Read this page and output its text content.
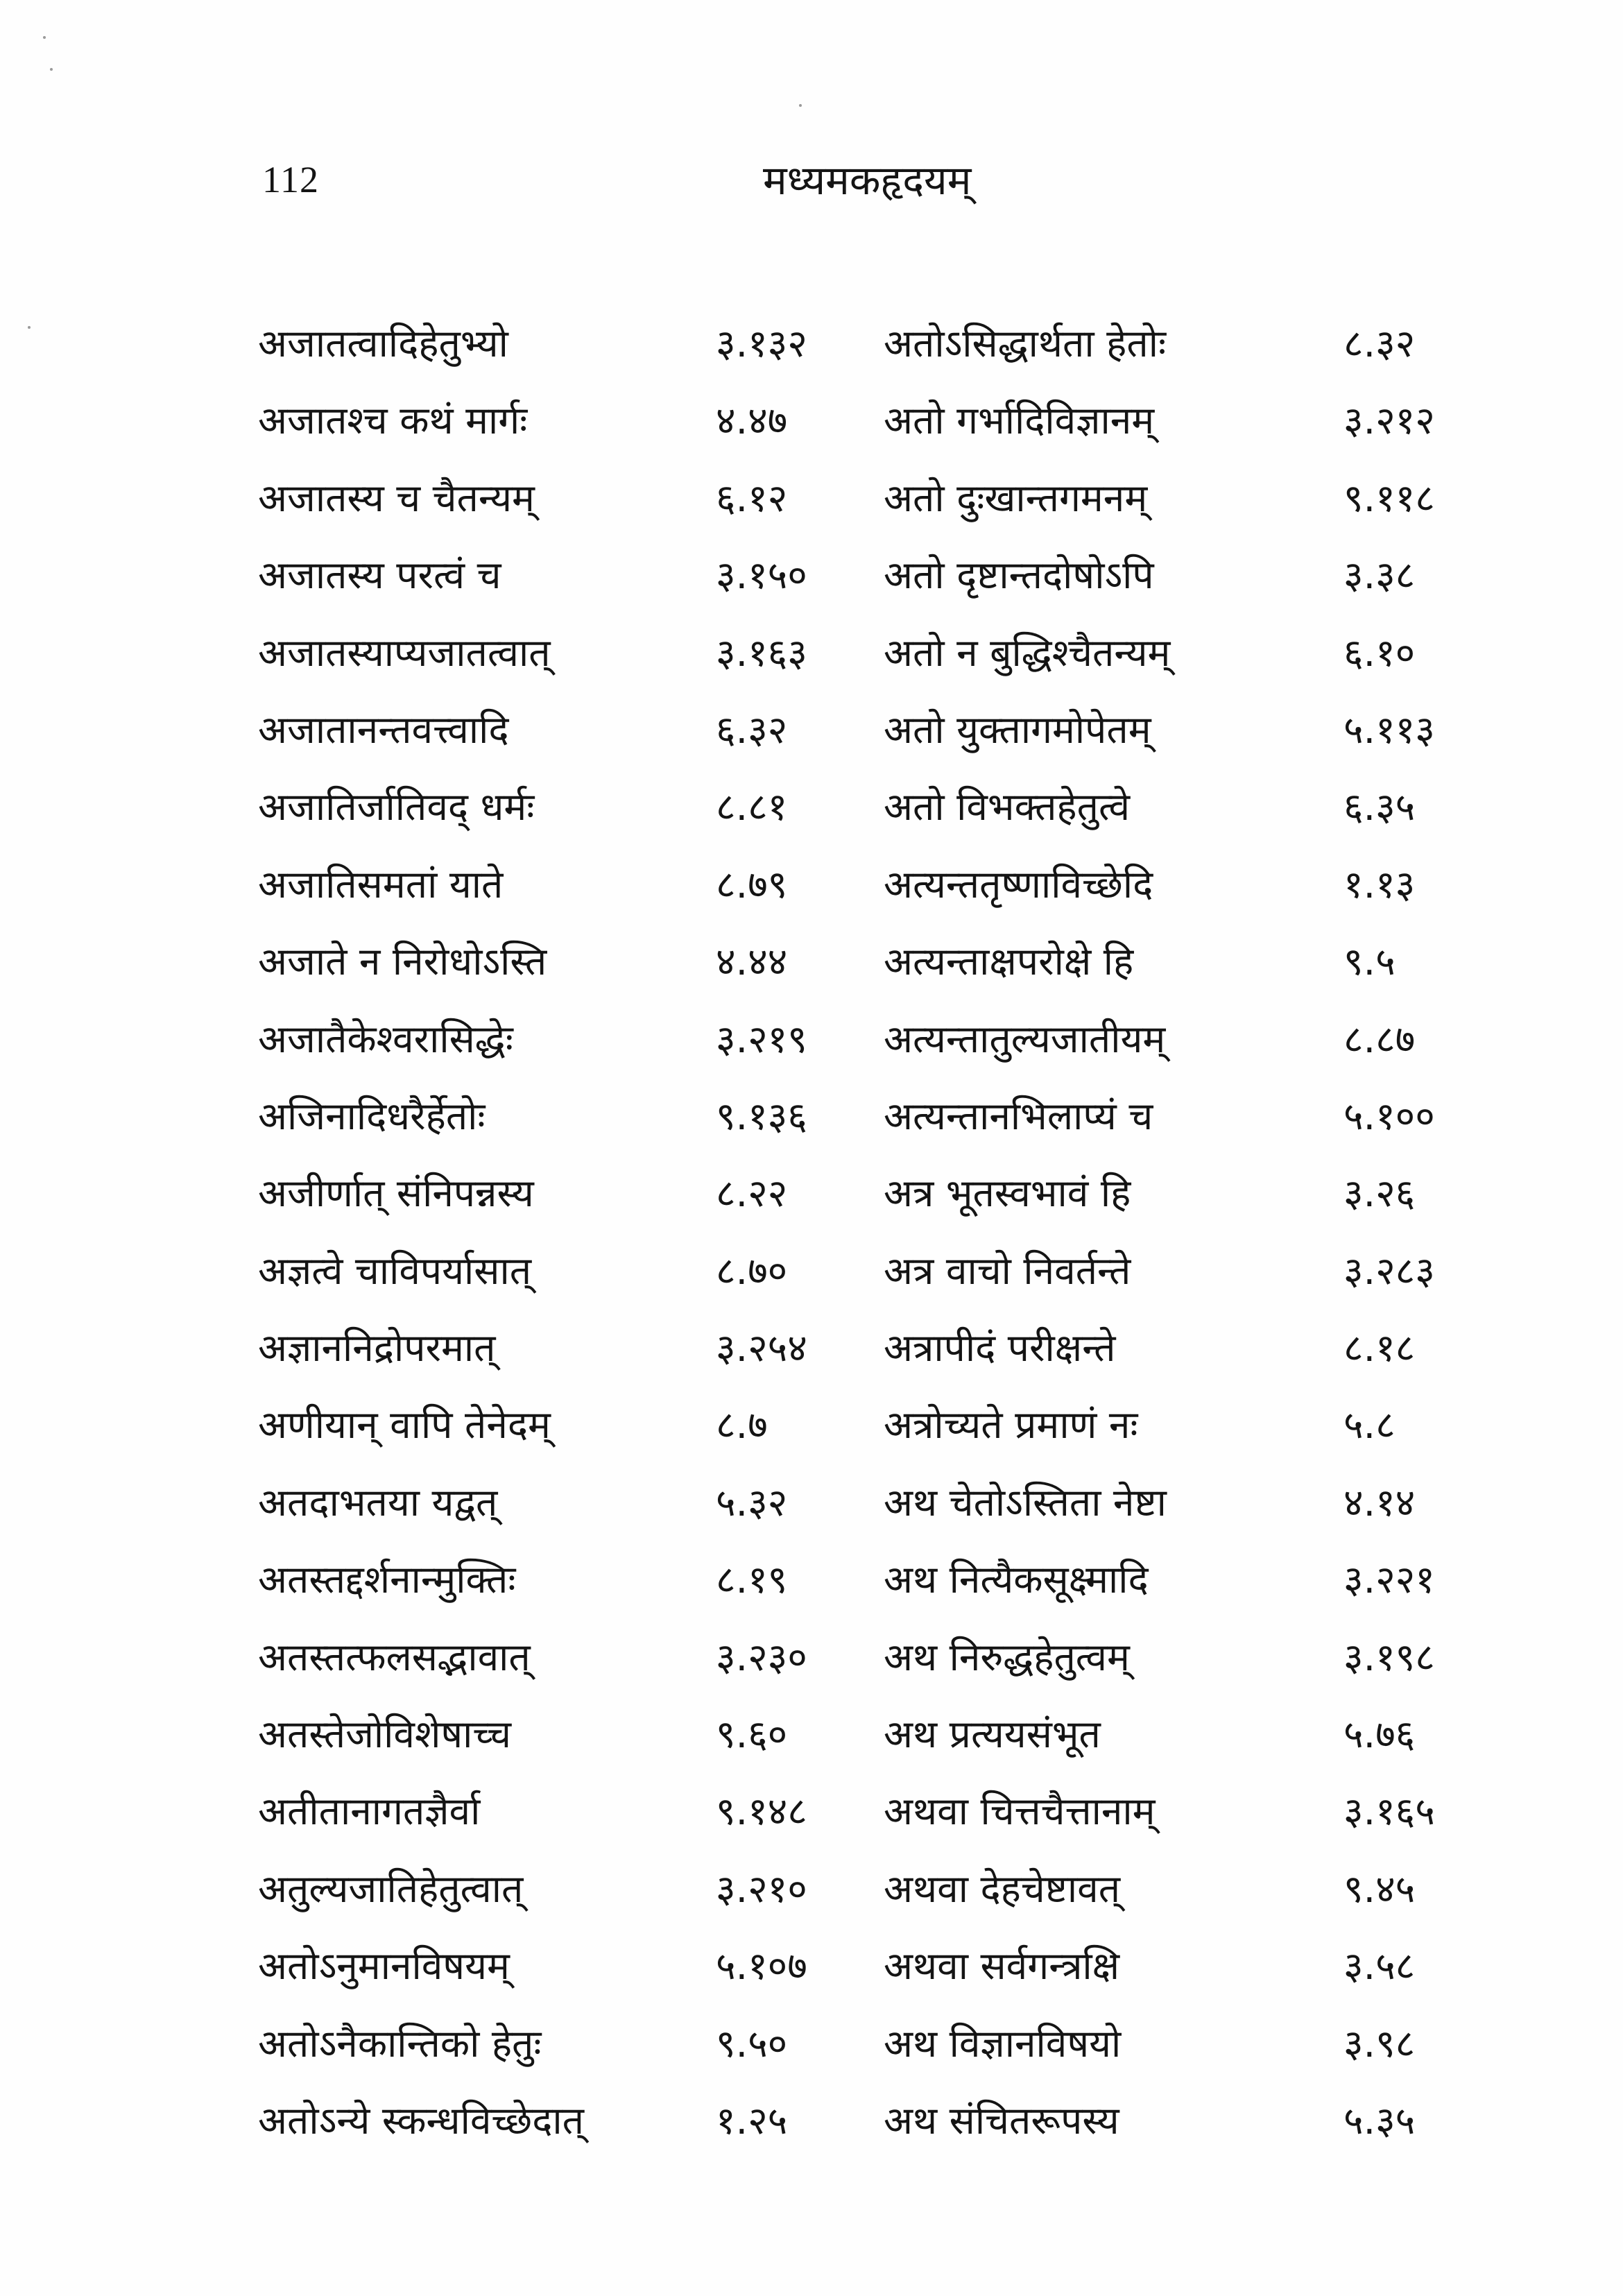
112	मध्यमकहृदयम्
अजातत्वादिहेतुभ्यो	३.१३२ अतोऽसिद्धार्थता हेतोः	८.३२
अजातश्च कथं मार्गः	४.४७	अतो गर्भादिविज्ञानम्	३.२१२
अजातस्य च चैतन्यम्	६.१२	अतो दुःखान्तगमनम्	९.११८
अजातस्य परत्वं च	३.१५० अतो दृष्टान्तदोषोऽपि	३.३८
अजातस्याप्यजातत्वात्	३.१६३ अतो न बुद्धिश्चैतन्यम्	६.१०
अजातानन्तवत्त्वादि	६.३२	अतो युक्तागमोपेतम्	५.११३
अजातिर्जातिवद् धर्मः	८.८१	अतो विभक्तहेतुत्वे	६.३५
अजातिसमतां याते	८.७९	अत्यन्ततृष्णाविच्छेदि	१.१३
अजाते न निरोधोऽस्ति	४.४४	अत्यन्ताक्षपरोक्षे हि	९.५
अजातैकेश्वरासिद्धेः	३.२१९ अत्यन्तातुल्यजातीयम्	८.८७
अजिनादिधरैर्हेतोः	९.१३६ अत्यन्तानभिलाप्यं च	५.१००
अजीर्णात् संनिपन्नस्य	८.२२	अत्र भूतस्वभावं हि	३.२६
अज्ञत्वे चाविपर्यासात्	८.७०	अत्र वाचो निवर्तन्ते	३.२८३
अज्ञाननिद्रोपरमात्	३.२५४ अत्रापीदं परीक्षन्ते	८.१८
अणीयान् वापि तेनेदम्	८.७	अत्रोच्यते प्रमाणं नः	५.८
अतदाभतया यद्वत्	५.३२	अथ चेतोऽस्तिता नेष्टा	४.१४
अतस्तद्दर्शनान्मुक्तिः	८.१९	अथ नित्यैकसूक्ष्मादि	३.२२१
अतस्तत्फलसद्भावात्	३.२३० अथ निरुद्धहेतुत्वम्	३.१९८
अतस्तेजोविशेषाच्च	९.६०	अथ प्रत्ययसंभूत	५.७६
अतीतानागतज्ञैर्वा	९.१४८ अथवा चित्तचैत्तानाम्	३.१६५
अतुल्यजातिहेतुत्वात्	३.२१० अथवा देहचेष्टावत्	९.४५
अतोऽनुमानविषयम्	५.१०७ अथवा सर्वगन्त्रक्षि	३.५८
अतोऽनैकान्तिको हेतुः	९.५०	अथ विज्ञानविषयो	३.९८
अतोऽन्ये स्कन्धविच्छेदात्	१.२५	अथ संचितरूपस्य	५.३५
